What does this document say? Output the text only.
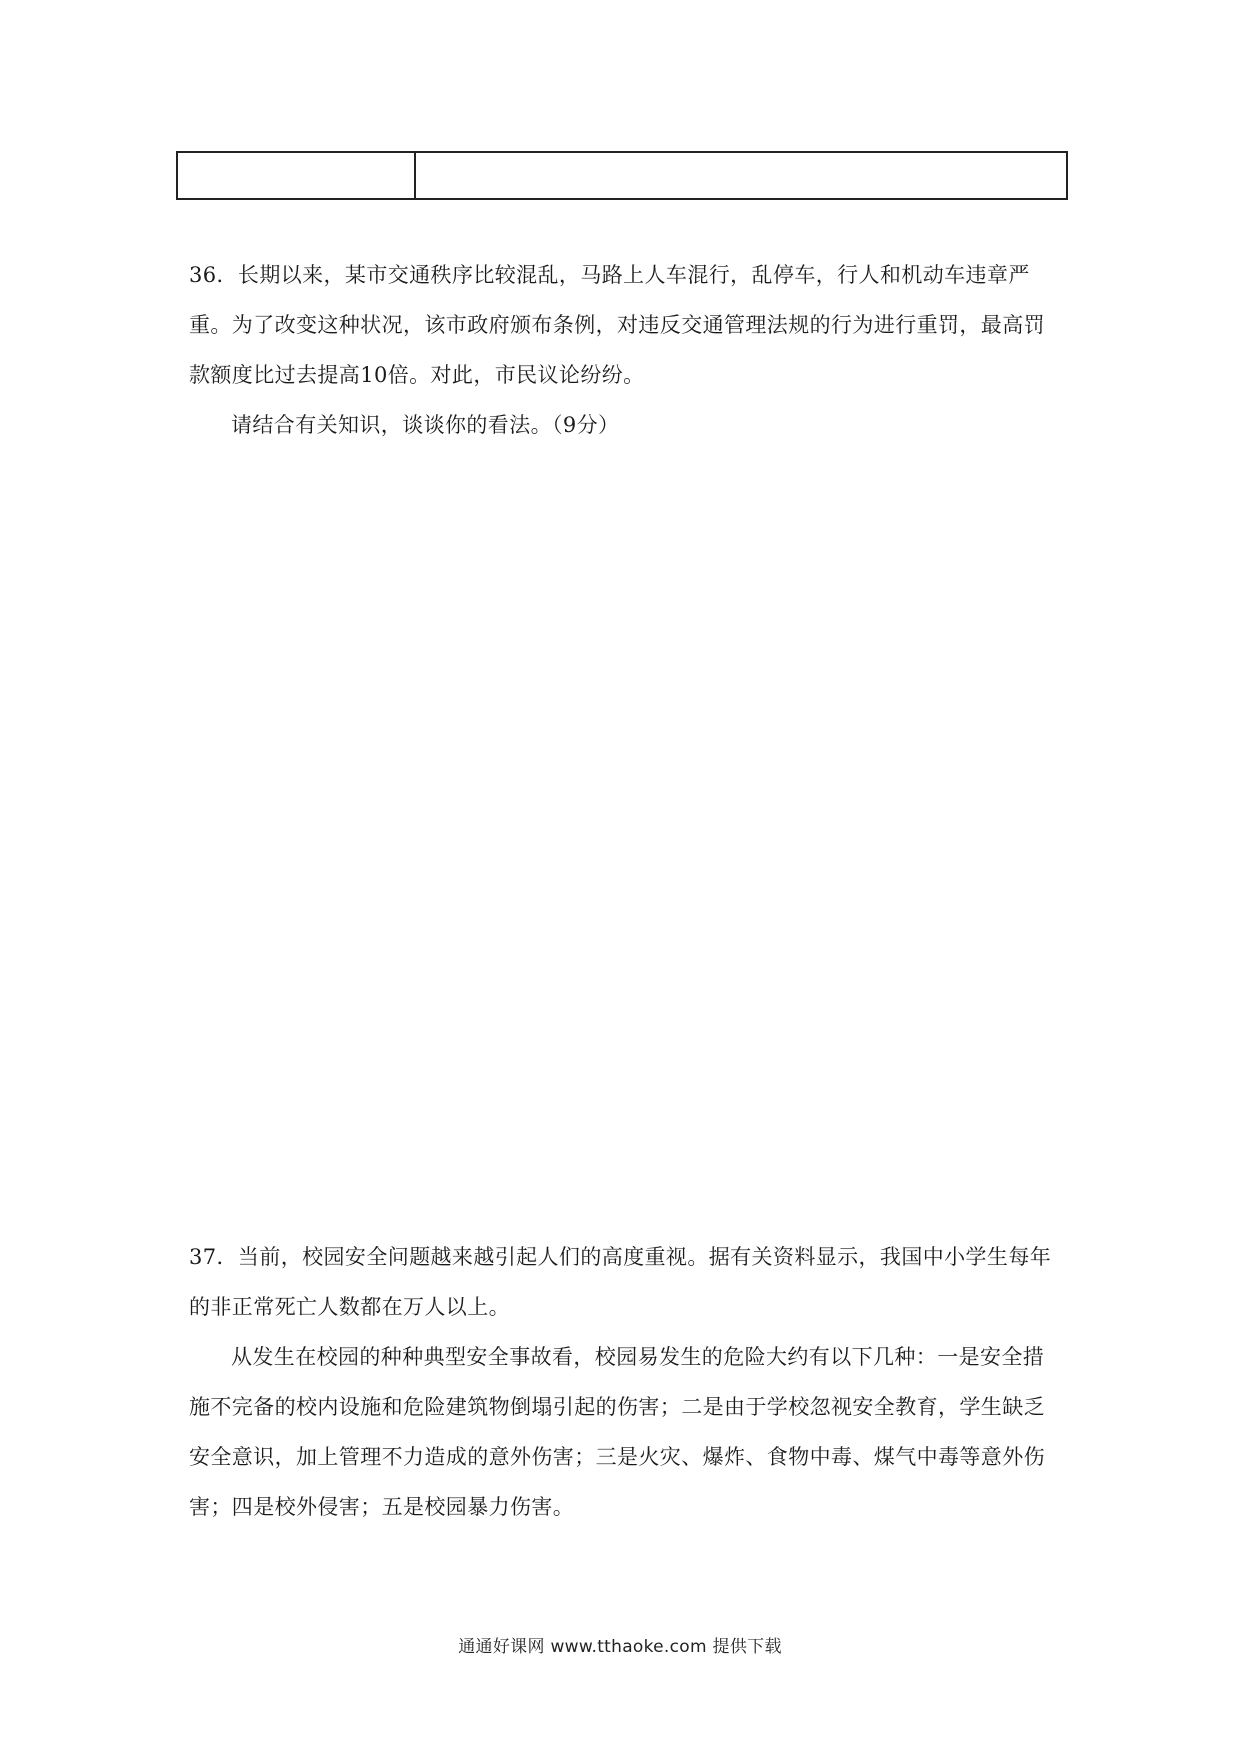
36．长期以来，某市交通秩序比较混乱，马路上人车混行，乱停车，行人和机动车违章严重。为了改变这种状况，该市政府颁布条例，对违反交通管理法规的行为进行重罚，最高罚款额度比过去提高10倍。对此，市民议论纷纷。

请结合有关知识，谈谈你的看法。（9分）

37．当前，校园安全问题越来越引起人们的高度重视。据有关资料显示，我国中小学生每年的非正常死亡人数都在万人以上。

从发生在校园的种种典型安全事故看，校园易发生的危险大约有以下几种：一是安全措施不完备的校内设施和危险建筑物倒塌引起的伤害；二是由于学校忽视安全教育，学生缺乏安全意识，加上管理不力造成的意外伤害；三是火灾、爆炸、食物中毒、煤气中毒等意外伤害；四是校外侵害；五是校园暴力伤害。

通通好课网 www.tthaoke.com 提供下载
